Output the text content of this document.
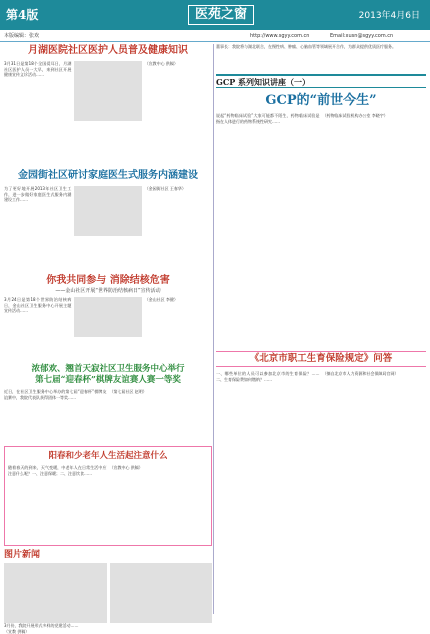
第4版	医苑之窗	2013年4月6日
本版编辑：张欢	http://www.sgyy.com.cn	Email:xusn@sgyy.com.cn
月湖医院社区医护人员普及健康知识
3月31日是第18个全国爱耳日，月湖社区医护人员一大早，来到社区开展健康宣传义诊活动……
（宣教中心 供稿）
金园街社区研讨家庭医生式服务内涵建设
为了更好地开展2013年社区卫生工作，进一步做好家庭医生式服务内涵建设工作……
（金园街社区 王春华）
你我共同参与 消除结核危害
——金山社区开展“世界防治结核病日”宣传活动
3月24日是第18个世界防治结核病日，金山社区卫生服务中心开展主题宣传活动……
（金山社区 李健）
浓郁欢、翘首天寂社区卫生服务中心举行
第七届“迎春杯”棋牌友谊赛人赛一等奖
近日，在社区卫生服务中心举办的第七届“迎春杯”棋牌友谊赛中，我院代表队获得团体一等奖……
（第七届社区 赵明）
阳春和少老年人生活起注意什么
随着春天的到来，天气变暖，中老年人在日常生活中应注意什么呢？一、注意保暖；二、注意饮食……
（宣教中心 供稿）
图片新闻
3月份，我院开展形式多样的党建活动……
（宣教 供稿）
董事长：我院将与湖北联合，在慢性病、肿瘤、心脑血管等领域展开合作，为群众提供优质医疗服务。
GCP 系列知识讲座（一）
GCP的“前世今生”
说起“药物临床试验”大家可能都不陌生，药物临床试验是指在人体进行的药物系统性研究……
（药物临床试验机构办公室 李晓宇）
《北京市职工生育保险规定》问答
一、哪些单位的人员可以参加北京市的生育保险？……二、生育保险费如何缴纳？……
（摘自北京市人力资源和社会保障局官网）
